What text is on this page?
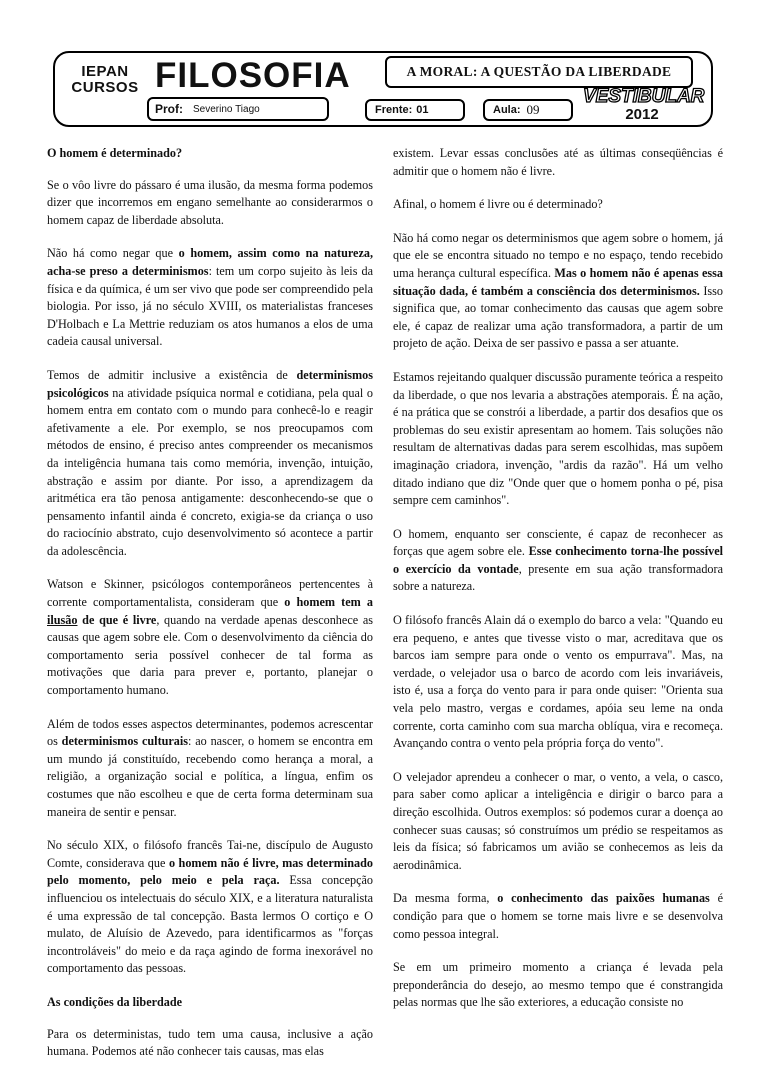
IEPAN
CURSOS FILOSOFIA	A MORAL: A QUESTÃO DA LIBERDADE
Prof: Severino Tiago	Frente: 01	Aula: 09
VESTIBULAR
2012
O homem é determinado?

Se o vôo livre do pássaro é uma ilusão, da mesma forma podemos dizer que incorremos em engano semelhante ao considerarmos o homem capaz de liberdade absoluta.

Não há como negar que o homem, assim como na natureza, acha-se preso a determinismos: tem um corpo sujeito às leis da física e da química, é um ser vivo que pode ser compreendido pela biologia. Por isso, já no século XVIII, os materialistas franceses D'Holbach e La Mettrie reduziam os atos humanos a elos de uma cadeia causal universal.

Temos de admitir inclusive a existência de determinismos psicológicos na atividade psíquica normal e cotidiana, pela qual o homem entra em contato com o mundo para conhecê-lo e reagir afetivamente a ele. Por exemplo, se nos preocupamos com métodos de ensino, é preciso antes compreender os mecanismos da inteligência humana tais como memória, invenção, intuição, abstração e assim por diante. Por isso, a aprendizagem da aritmética era tão penosa antigamente: desconhecendo-se que o pensamento infantil ainda é concreto, exigia-se da criança o uso do raciocínio abstrato, cujo desenvolvimento só acontece a partir da adolescência.

Watson e Skinner, psicólogos contemporâneos pertencentes à corrente comportamentalista, consideram que o homem tem a ilusão de que é livre, quando na verdade apenas desconhece as causas que agem sobre ele. Com o desenvolvimento da ciência do comportamento seria possível conhecer de tal forma as motivações que daria para prever e, portanto, planejar o comportamento humano.

Além de todos esses aspectos determinantes, podemos acrescentar os determinismos culturais: ao nascer, o homem se encontra em um mundo já constituído, recebendo como herança a moral, a religião, a organização social e política, a língua, enfim os costumes que não escolheu e que de certa forma determinam sua maneira de sentir e pensar.

No século XIX, o filósofo francês Tai-ne, discípulo de Augusto Comte, considerava que o homem não é livre, mas determinado pelo momento, pelo meio e pela raça. Essa concepção influenciou os intelectuais do século XIX, e a literatura naturalista é uma expressão de tal concepção. Basta lermos O cortiço e O mulato, de Aluísio de Azevedo, para identificarmos as "forças incontroláveis" do meio e da raça agindo de forma inexorável no comportamento das pessoas.

As condições da liberdade

Para os deterministas, tudo tem uma causa, inclusive a ação humana. Podemos até não conhecer tais causas, mas elas

existem. Levar essas conclusões até as últimas conseqüências é admitir que o homem não é livre.

Afinal, o homem é livre ou é determinado?

Não há como negar os determinismos que agem sobre o homem, já que ele se encontra situado no tempo e no espaço, tendo recebido uma herança cultural específica. Mas o homem não é apenas essa situação dada, é também a consciência dos determinismos. Isso significa que, ao tomar conhecimento das causas que agem sobre ele, é capaz de realizar uma ação transformadora, a partir de um projeto de ação. Deixa de ser passivo e passa a ser atuante.

Estamos rejeitando qualquer discussão puramente teórica a respeito da liberdade, o que nos levaria a abstrações atemporais. É na ação, é na prática que se constrói a liberdade, a partir dos desafios que os problemas do seu existir apresentam ao homem. Tais soluções não resultam de alternativas dadas para serem escolhidas, mas supõem imaginação criadora, invenção, "ardis da razão". Há um velho ditado indiano que diz "Onde quer que o homem ponha o pé, pisa sempre cem caminhos".

O homem, enquanto ser consciente, é capaz de reconhecer as forças que agem sobre ele. Esse conhecimento torna-lhe possível o exercício da vontade, presente em sua ação transformadora sobre a natureza.

O filósofo francês Alain dá o exemplo do barco a vela: "Quando eu era pequeno, e antes que tivesse visto o mar, acreditava que os barcos iam sempre para onde o vento os empurrava". Mas, na verdade, o velejador usa o barco de acordo com leis invariáveis, isto é, usa a força do vento para ir para onde quiser: "Orienta sua vela pelo mastro, vergas e cordames, apóia seu leme na onda corrente, corta caminho com sua marcha oblíqua, vira e recomeça. Avançando contra o vento pela própria força do vento".

O velejador aprendeu a conhecer o mar, o vento, a vela, o casco, para saber como aplicar a inteligência e dirigir o barco para a direção escolhida. Outros exemplos: só podemos curar a doença ao conhecer suas causas; só construímos um prédio se respeitamos as leis da física; só fabricamos um avião se conhecemos as leis da aerodinâmica.

Da mesma forma, o conhecimento das paixões humanas é condição para que o homem se torne mais livre e se desenvolva como pessoa integral.

Se em um primeiro momento a criança é levada pela preponderância do desejo, ao mesmo tempo que é constrangida pelas normas que lhe são exteriores, a educação consiste no
